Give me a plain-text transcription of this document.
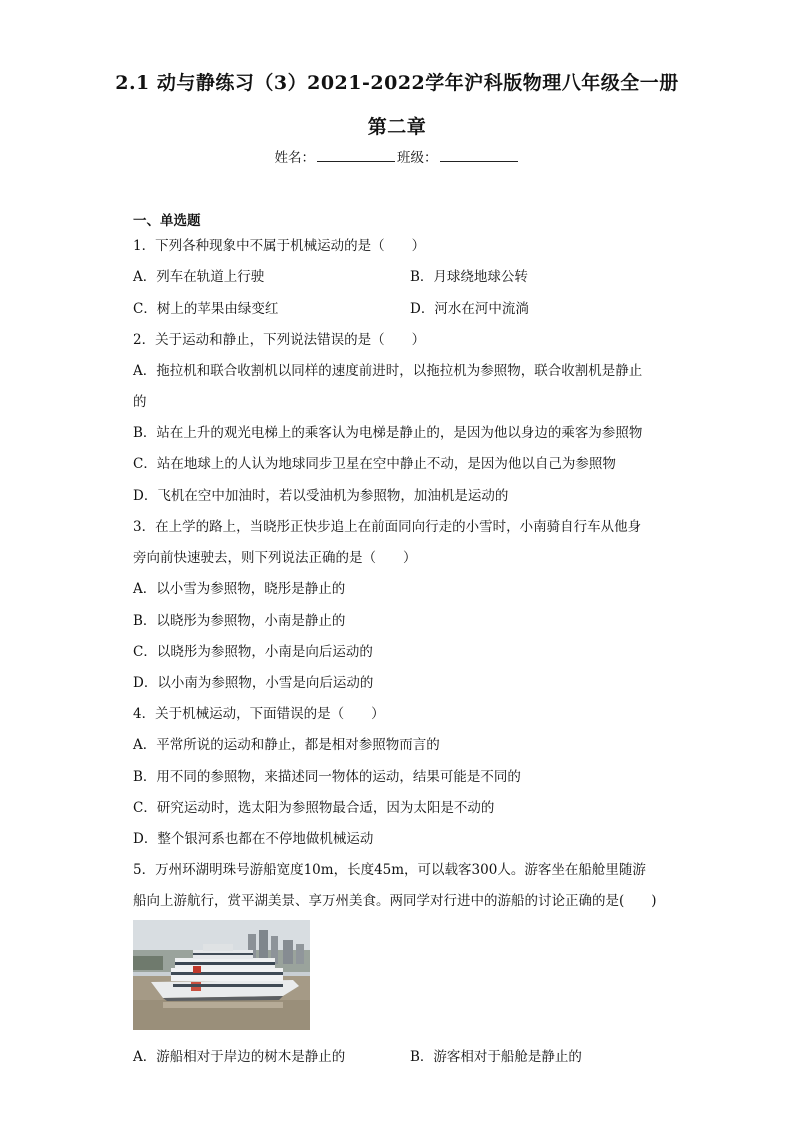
2.1 动与静练习（3）2021-2022学年沪科版物理八年级全一册
第二章
姓名：	班级：
一、单选题
1．下列各种现象中不属于机械运动的是（　　）
A．列车在轨道上行驶	B．月球绕地球公转
C．树上的苹果由绿变红	D．河水在河中流淌
2．关于运动和静止，下列说法错误的是（　　）
A．拖拉机和联合收割机以同样的速度前进时，以拖拉机为参照物，联合收割机是静止
的
B．站在上升的观光电梯上的乘客认为电梯是静止的，是因为他以身边的乘客为参照物
C．站在地球上的人认为地球同步卫星在空中静止不动，是因为他以自己为参照物
D．飞机在空中加油时，若以受油机为参照物，加油机是运动的
3．在上学的路上，当晓彤正快步追上在前面同向行走的小雪时，小南骑自行车从他身
旁向前快速驶去，则下列说法正确的是（　　）
A．以小雪为参照物，晓彤是静止的
B．以晓彤为参照物，小南是静止的
C．以晓彤为参照物，小南是向后运动的
D．以小南为参照物，小雪是向后运动的
4．关于机械运动，下面错误的是（　　）
A．平常所说的运动和静止，都是相对参照物而言的
B．用不同的参照物，来描述同一物体的运动，结果可能是不同的
C．研究运动时，选太阳为参照物最合适，因为太阳是不动的
D．整个银河系也都在不停地做机械运动
5．万州环湖明珠号游船宽度10m，长度45m，可以载客300人。游客坐在船舱里随游
船向上游航行，赏平湖美景、享万州美食。两同学对行进中的游船的讨论正确的是(　　)
A．游船相对于岸边的树木是静止的	B．游客相对于船舱是静止的
